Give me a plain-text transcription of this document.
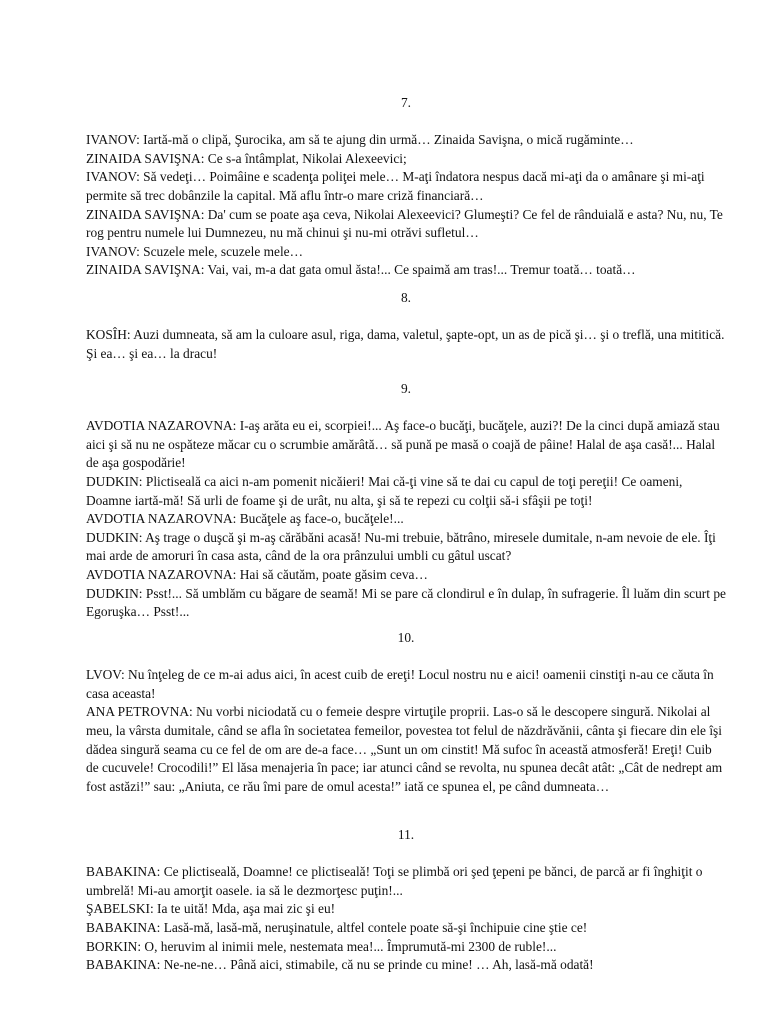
7.

IVANOV: Iartă-mă o clipă, Şurocika, am să te ajung din urmă… Zinaida Savişna, o mică rugăminte…

ZINAIDA SAVIŞNA: Ce s-a întâmplat, Nikolai Alexeevici;

IVANOV: Să vedeţi… Poimâine e scadenţa poliţei mele… M-aţi îndatora nespus dacă mi-aţi da o amânare şi mi-aţi permite să trec dobânzile la capital. Mă aflu într-o mare criză financiară…

ZINAIDA SAVIŞNA: Da' cum se poate aşa ceva, Nikolai Alexeevici? Glumeşti? Ce fel de rânduială e asta? Nu, nu, Te rog pentru numele lui Dumnezeu, nu mă chinui şi nu-mi otrăvi sufletul…

IVANOV: Scuzele mele, scuzele mele…

ZINAIDA SAVIŞNA: Vai, vai, m-a dat gata omul ăsta!... Ce spaimă am tras!... Tremur toată… toată…

8.

KOSÎH: Auzi dumneata, să am la culoare asul, riga, dama, valetul, şapte-opt, un as de pică şi… şi o treflă, una mititică. Şi ea… şi ea… la dracu!

9.

AVDOTIA NAZAROVNA: I-aş arăta eu ei, scorpiei!... Aş face-o bucăţi, bucăţele, auzi?! De la cinci după amiază stau aici şi să nu ne ospăteze măcar cu o scrumbie amărâtă… să pună pe masă o coajă de pâine! Halal de aşa casă!... Halal de aşa gospodărie!

DUDKIN: Plictiseală ca aici n-am pomenit nicăieri! Mai că-ţi vine să te dai cu capul de toţi pereţii! Ce oameni, Doamne iartă-mă! Să urli de foame şi de urât, nu alta, şi să te repezi cu colţii să-i sfâşii pe toţi!

AVDOTIA NAZAROVNA: Bucăţele aş face-o, bucăţele!...

DUDKIN: Aş trage o duşcă şi m-aş cărăbăni acasă! Nu-mi trebuie, bătrâno, miresele dumitale, n-am nevoie de ele. Îţi mai arde de amoruri în casa asta, când de la ora prânzului umbli cu gâtul uscat?

AVDOTIA NAZAROVNA: Hai să căutăm, poate găsim ceva…

DUDKIN: Psst!... Să umblăm cu băgare de seamă! Mi se pare că clondirul e în dulap, în sufragerie. Îl luăm din scurt pe Egoruşka… Psst!...

10.

LVOV: Nu înţeleg de ce m-ai adus aici, în acest cuib de ereţi! Locul nostru nu e aici! oamenii cinstiţi n-au ce căuta în casa aceasta!

ANA PETROVNA: Nu vorbi niciodată cu o femeie despre virtuţile proprii. Las-o să le descopere singură. Nikolai al meu, la vârsta dumitale, când se afla în societatea femeilor, povestea tot felul de năzdrăvănii, cânta şi fiecare din ele îşi dădea singură seama cu ce fel de om are de-a face… „Sunt un om cinstit! Mă sufoc în această atmosferă! Ereţi! Cuib de cucuvele! Crocodili!” El lăsa menajeria în pace; iar atunci când se revolta, nu spunea decât atât: „Cât de nedrept am fost astăzi!” sau: „Aniuta, ce rău îmi pare de omul acesta!” iată ce spunea el, pe când dumneata…

11.

BABAKINA: Ce plictiseală, Doamne! ce plictiseală! Toţi se plimbă ori şed ţepeni pe bănci, de parcă ar fi înghiţit o umbrelă! Mi-au amorţit oasele. ia să le dezmorţesc puţin!...

ŞABELSKI: Ia te uită! Mda, aşa mai zic şi eu!

BABAKINA: Lasă-mă, lasă-mă, neruşinatule, altfel contele poate să-şi închipuie cine ştie ce!

BORKIN: O, heruvim al inimii mele, nestemata mea!... Împrumută-mi 2300 de ruble!...

BABAKINA: Ne-ne-ne… Până aici, stimabile, că nu se prinde cu mine! … Ah, lasă-mă odată!
